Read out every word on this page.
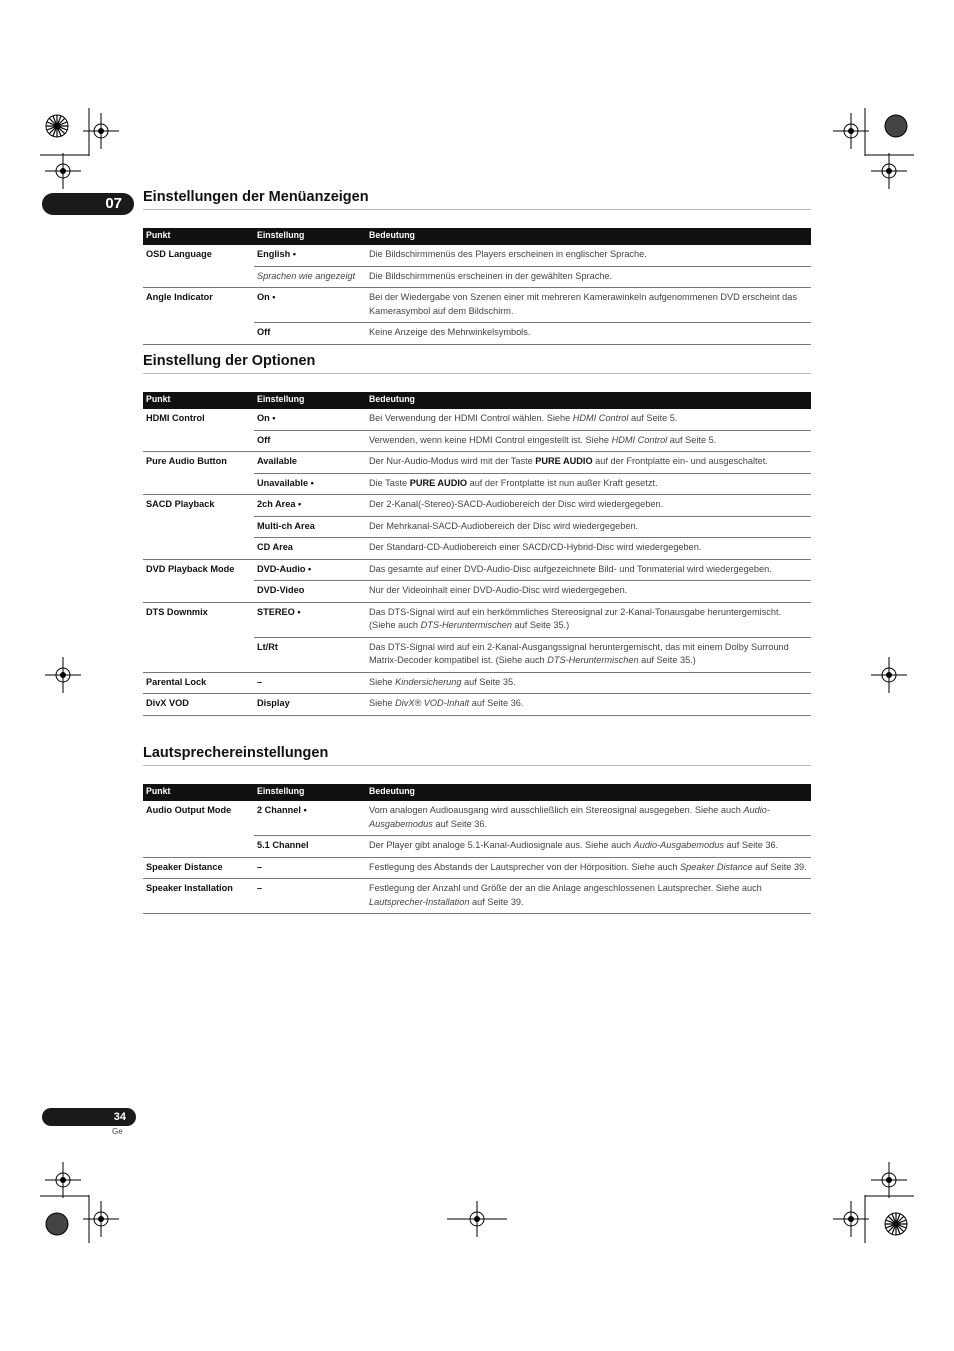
07	Einstellungen der Menüanzeigen
Punkt	Einstellung	Bedeutung
OSD Language	English •	Die Bildschirmmenüs des Players erscheinen in englischer Sprache.
	Sprachen wie angezeigt	Die Bildschirmmenüs erscheinen in der gewählten Sprache.
Angle Indicator	On •	Bei der Wiedergabe von Szenen einer mit mehreren Kamerawinkeln aufgenommenen DVD erscheint das Kamerasymbol auf dem Bildschirm.
	Off	Keine Anzeige des Mehrwinkelsymbols.
Einstellung der Optionen
Punkt	Einstellung	Bedeutung
HDMI Control	On •	Bei Verwendung der HDMI Control wählen. Siehe HDMI Control auf Seite 5.
	Off	Verwenden, wenn keine HDMI Control eingestellt ist. Siehe HDMI Control auf Seite 5.
Pure Audio Button	Available	Der Nur-Audio-Modus wird mit der Taste PURE AUDIO auf der Frontplatte ein- und ausgeschaltet.
	Unavailable •	Die Taste PURE AUDIO auf der Frontplatte ist nun außer Kraft gesetzt.
SACD Playback	2ch Area •	Der 2-Kanal(-Stereo)-SACD-Audiobereich der Disc wird wiedergegeben.
	Multi-ch Area	Der Mehrkanal-SACD-Audiobereich der Disc wird wiedergegeben.
	CD Area	Der Standard-CD-Audiobereich einer SACD/CD-Hybrid-Disc wird wiedergegeben.
DVD Playback Mode	DVD-Audio •	Das gesamte auf einer DVD-Audio-Disc aufgezeichnete Bild- und Tonmaterial wird wiedergegeben.
	DVD-Video	Nur der Videoinhalt einer DVD-Audio-Disc wird wiedergegeben.
DTS Downmix	STEREO •	Das DTS-Signal wird auf ein herkömmliches Stereosignal zur 2-Kanal-Tonausgabe heruntergemischt. (Siehe auch DTS-Heruntermischen auf Seite 35.)
	Lt/Rt	Das DTS-Signal wird auf ein 2-Kanal-Ausgangssignal heruntergemischt, das mit einem Dolby Surround Matrix-Decoder kompatibel ist. (Siehe auch DTS-Heruntermischen auf Seite 35.)
Parental Lock	–	Siehe Kindersicherung auf Seite 35.
DivX VOD	Display	Siehe DivX® VOD-Inhalt auf Seite 36.
Lautsprechereinstellungen
Punkt	Einstellung	Bedeutung
Audio Output Mode	2 Channel •	Vom analogen Audioausgang wird ausschließlich ein Stereosignal ausgegeben. Siehe auch Audio-Ausgabemodus auf Seite 36.
	5.1 Channel	Der Player gibt analoge 5.1-Kanal-Audiosignale aus. Siehe auch Audio-Ausgabemodus auf Seite 36.
Speaker Distance	–	Festlegung des Abstands der Lautsprecher von der Hörposition. Siehe auch Speaker Distance auf Seite 39.
Speaker Installation	–	Festlegung der Anzahl und Größe der an die Anlage angeschlossenen Lautsprecher. Siehe auch Lautsprecher-Installation auf Seite 39.
34
Ge
